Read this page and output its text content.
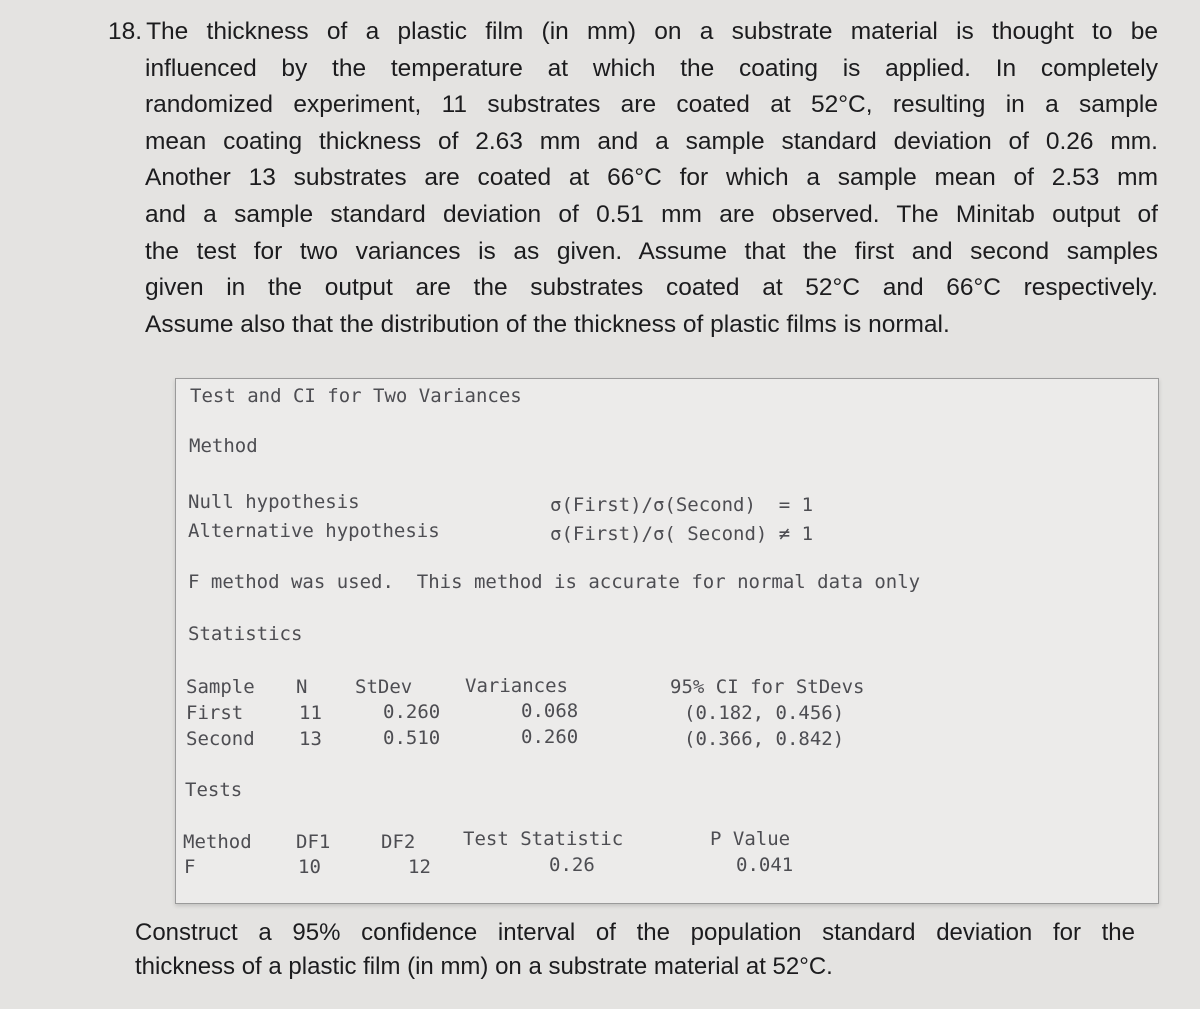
18. The thickness of a plastic film (in mm) on a substrate material is thought to be
influenced by the temperature at which the coating is applied. In completely
randomized experiment, 11 substrates are coated at 52°C, resulting in a sample
mean coating thickness of 2.63 mm and a sample standard deviation of 0.26 mm.
Another 13 substrates are coated at 66°C for which a sample mean of 2.53 mm
and a sample standard deviation of 0.51 mm are observed. The Minitab output of
the test for two variances is as given. Assume that the first and second samples
given in the output are the substrates coated at 52°C and 66°C respectively.
Assume also that the distribution of the thickness of plastic films is normal.
Test and CI for Two Variances
Method
Null hypothesis	σ(First)/σ(Second)  = 1
Alternative hypothesis	σ(First)/σ( Second) ≠ 1
F method was used.  This method is accurate for normal data only
Statistics
Sample N	StDev	Variances	95% CI for StDevs
First	11	0.260	0.068	(0.182, 0.456)
Second 13	0.510	0.260	(0.366, 0.842)
Tests
Method DF1	DF2	Test Statistic	P Value
F	10	12	0.26	0.041
Construct a 95% confidence interval of the population standard deviation for the
thickness of a plastic film (in mm) on a substrate material at 52°C.
